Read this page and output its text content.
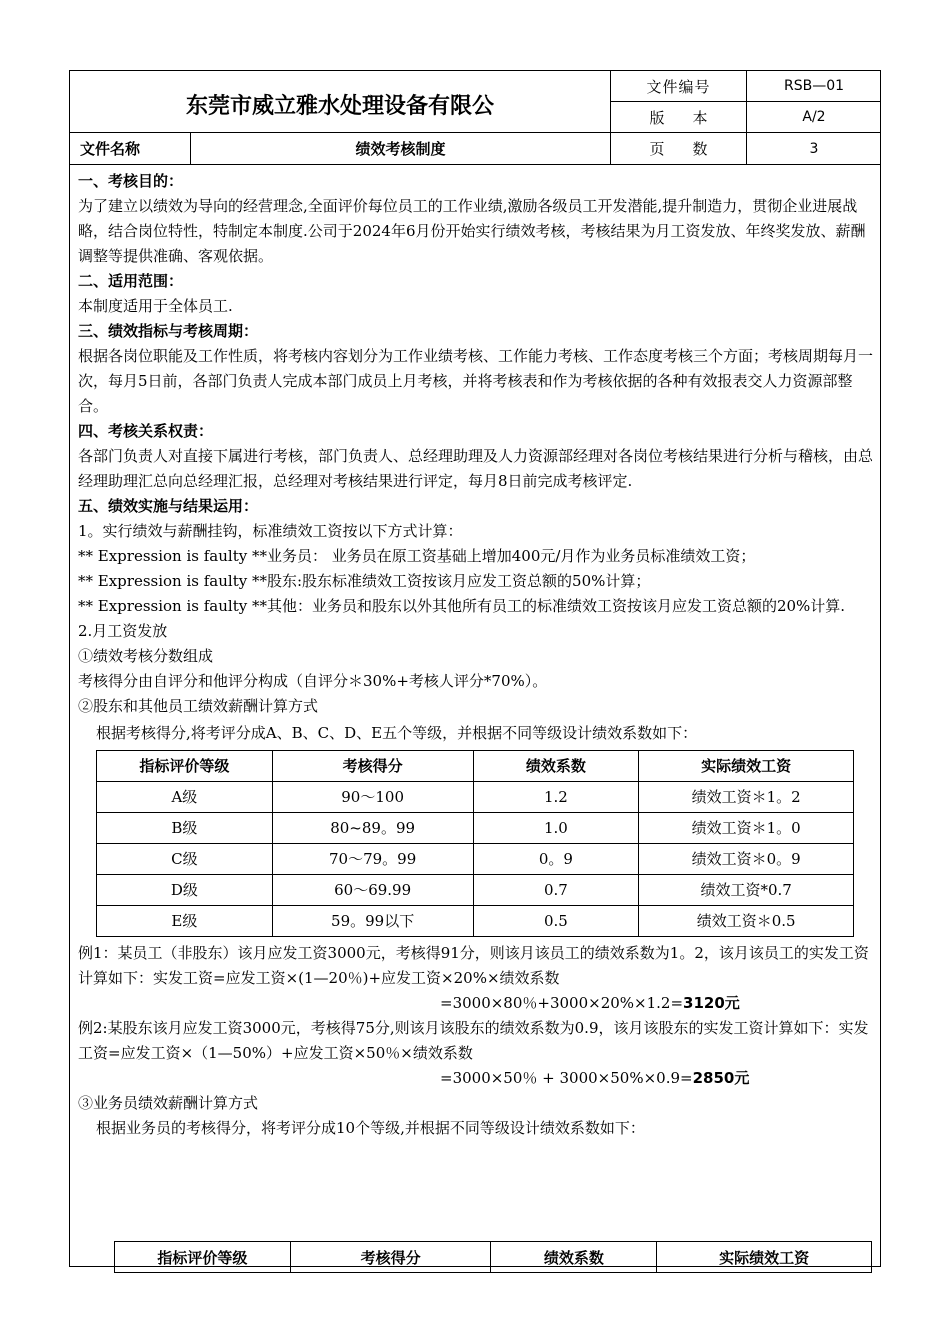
东莞市威立雅水处理设备有限公
文件编号	RSB—01
版本	A/2
页数	3
文件名称	绩效考核制度

一、考核目的：

为了建立以绩效为导向的经营理念,全面评价每位员工的工作业绩,激励各级员工开发潜能,提升制造力，贯彻企业进展战略，结合岗位特性，特制定本制度.公司于2024年6月份开始实行绩效考核，考核结果为月工资发放、年终奖发放、薪酬调整等提供准确、客观依据。

二、适用范围：

本制度适用于全体员工.

三、绩效指标与考核周期：

根据各岗位职能及工作性质，将考核内容划分为工作业绩考核、工作能力考核、工作态度考核三个方面；考核周期每月一次，每月5日前，各部门负责人完成本部门成员上月考核，并将考核表和作为考核依据的各种有效报表交人力资源部整合。

四、考核关系权责：

各部门负责人对直接下属进行考核，部门负责人、总经理助理及人力资源部经理对各岗位考核结果进行分析与稽核，由总经理助理汇总向总经理汇报，总经理对考核结果进行评定，每月8日前完成考核评定.

五、绩效实施与结果运用：

1。实行绩效与薪酬挂钩，标准绩效工资按以下方式计算：

** Expression is faulty **业务员： 业务员在原工资基础上增加400元/月作为业务员标准绩效工资；

** Expression is faulty **股东:股东标准绩效工资按该月应发工资总额的50%计算；

** Expression is faulty **其他：业务员和股东以外其他所有员工的标准绩效工资按该月应发工资总额的20%计算.

2.月工资发放

①绩效考核分数组成

考核得分由自评分和他评分构成（自评分＊30%+考核人评分*70%）。

②股东和其他员工绩效薪酬计算方式

根据考核得分,将考评分成A、B、C、D、E五个等级，并根据不同等级设计绩效系数如下：

指标评价等级	考核得分	绩效系数	实际绩效工资
A级	90～100	1.2	绩效工资＊1。2
B级	80~89。99	1.0	绩效工资＊1。0
C级	70～79。99	0。9	绩效工资＊0。9
D级	60～69.99	0.7	绩效工资*0.7
E级	59。99以下	0.5	绩效工资＊0.5

例1：某员工（非股东）该月应发工资3000元，考核得91分，则该月该员工的绩效系数为1。2，该月该员工的实发工资计算如下：实发工资=应发工资×(1—20％)+应发工资×20%×绩效系数

=3000×80％+3000×20%×1.2=3120元

例2:某股东该月应发工资3000元，考核得75分,则该月该股东的绩效系数为0.9，该月该股东的实发工资计算如下：实发工资=应发工资×（1—50%）+应发工资×50％×绩效系数

=3000×50％ + 3000×50%×0.9=2850元

③业务员绩效薪酬计算方式

根据业务员的考核得分，将考评分成10个等级,并根据不同等级设计绩效系数如下：

指标评价等级	考核得分	绩效系数	实际绩效工资
